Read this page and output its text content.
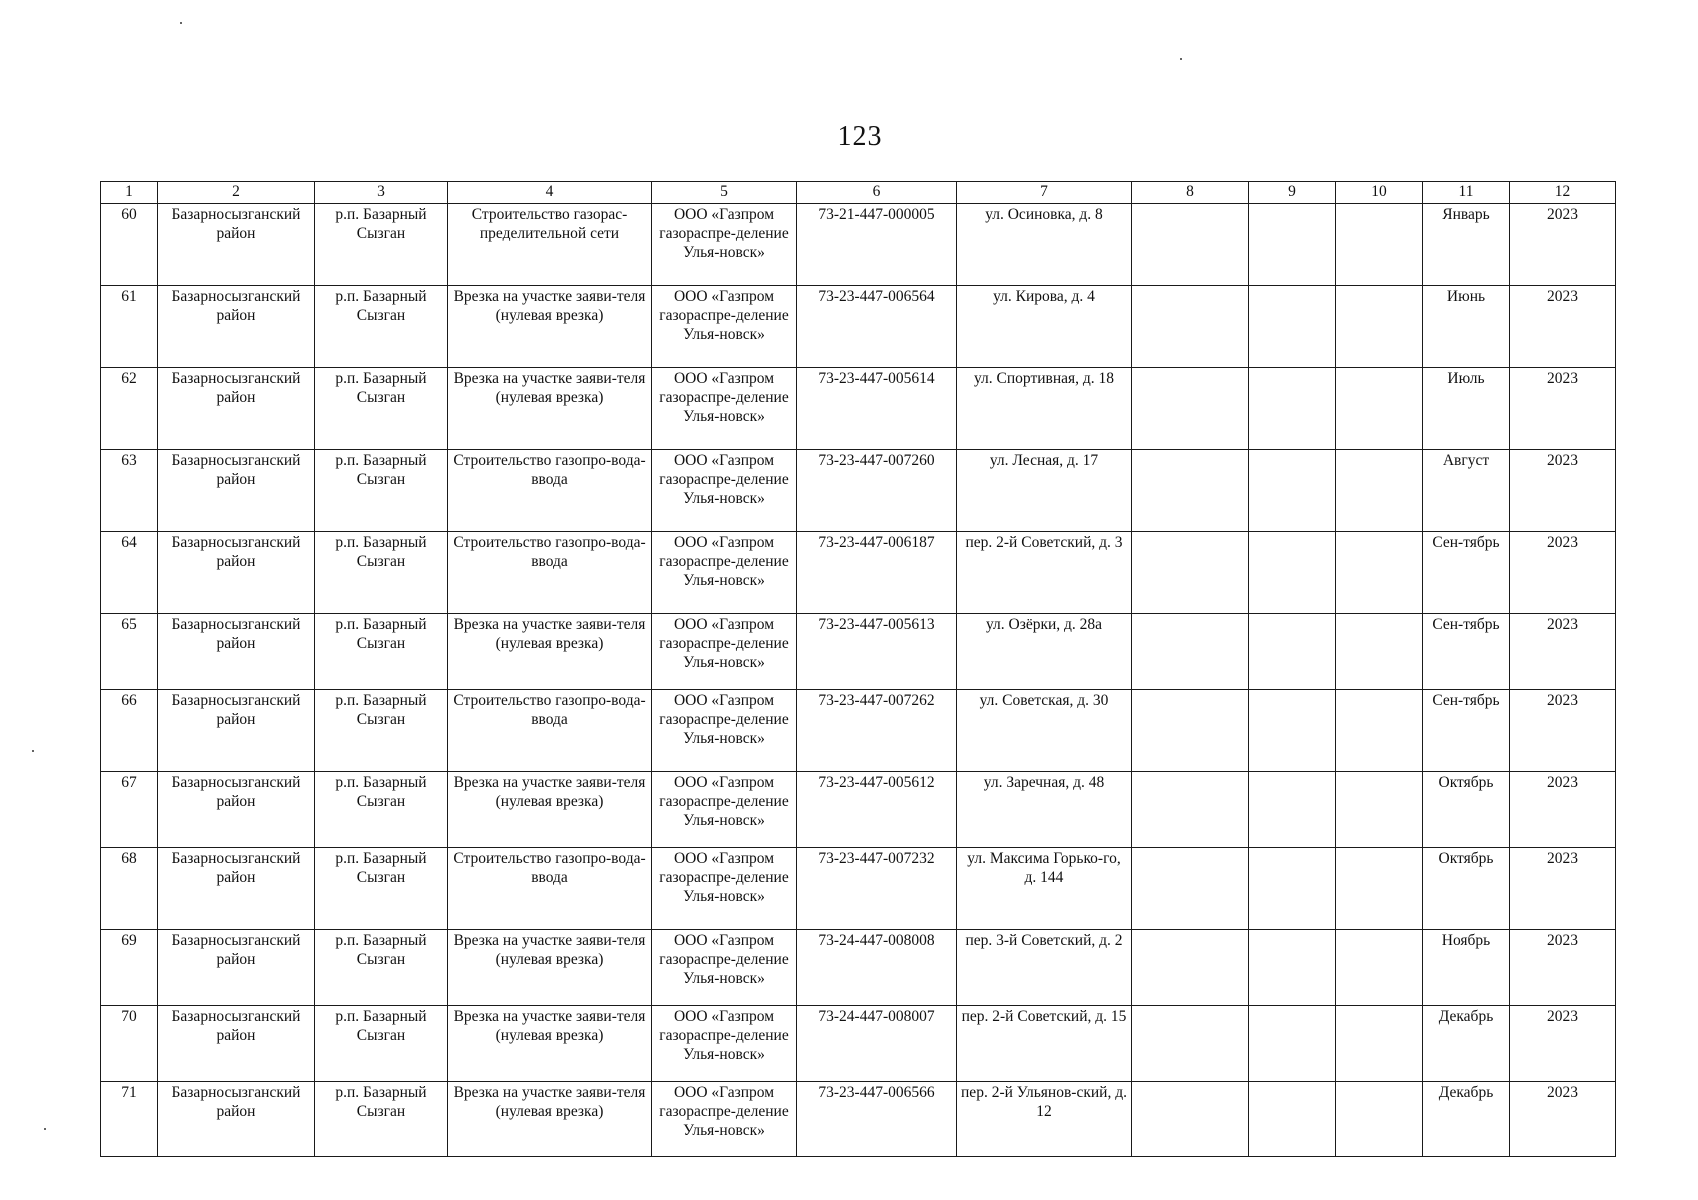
123
1	2	3	4	5	6	7	8	9	10	11	12
60	Базарносызганский район	р.п. Базарный Сызган	Строительство газорас-пределительной сети	ООО «Газпром газораспре-деление Улья-новск»	73-21-447-000005	ул. Осиновка, д. 8				Январь	2023
61	Базарносызганский район	р.п. Базарный Сызган	Врезка на участке заяви-теля (нулевая врезка)	ООО «Газпром газораспре-деление Улья-новск»	73-23-447-006564	ул. Кирова, д. 4				Июнь	2023
62	Базарносызганский район	р.п. Базарный Сызган	Врезка на участке заяви-теля (нулевая врезка)	ООО «Газпром газораспре-деление Улья-новск»	73-23-447-005614	ул. Спортивная, д. 18				Июль	2023
63	Базарносызганский район	р.п. Базарный Сызган	Строительство газопро-вода-ввода	ООО «Газпром газораспре-деление Улья-новск»	73-23-447-007260	ул. Лесная, д. 17				Август	2023
64	Базарносызганский район	р.п. Базарный Сызган	Строительство газопро-вода-ввода	ООО «Газпром газораспре-деление Улья-новск»	73-23-447-006187	пер. 2-й Советский, д. 3				Сен-тябрь	2023
65	Базарносызганский район	р.п. Базарный Сызган	Врезка на участке заяви-теля (нулевая врезка)	ООО «Газпром газораспре-деление Улья-новск»	73-23-447-005613	ул. Озёрки, д. 28а				Сен-тябрь	2023
66	Базарносызганский район	р.п. Базарный Сызган	Строительство газопро-вода-ввода	ООО «Газпром газораспре-деление Улья-новск»	73-23-447-007262	ул. Советская, д. 30				Сен-тябрь	2023
67	Базарносызганский район	р.п. Базарный Сызган	Врезка на участке заяви-теля (нулевая врезка)	ООО «Газпром газораспре-деление Улья-новск»	73-23-447-005612	ул. Заречная, д. 48				Октябрь	2023
68	Базарносызганский район	р.п. Базарный Сызган	Строительство газопро-вода-ввода	ООО «Газпром газораспре-деление Улья-новск»	73-23-447-007232	ул. Максима Горько-го, д. 144				Октябрь	2023
69	Базарносызганский район	р.п. Базарный Сызган	Врезка на участке заяви-теля (нулевая врезка)	ООО «Газпром газораспре-деление Улья-новск»	73-24-447-008008	пер. 3-й Советский, д. 2				Ноябрь	2023
70	Базарносызганский район	р.п. Базарный Сызган	Врезка на участке заяви-теля (нулевая врезка)	ООО «Газпром газораспре-деление Улья-новск»	73-24-447-008007	пер. 2-й Советский, д. 15				Декабрь	2023
71	Базарносызганский район	р.п. Базарный Сызган	Врезка на участке заяви-теля (нулевая врезка)	ООО «Газпром газораспре-деление Улья-новск»	73-23-447-006566	пер. 2-й Ульянов-ский, д. 12				Декабрь	2023
